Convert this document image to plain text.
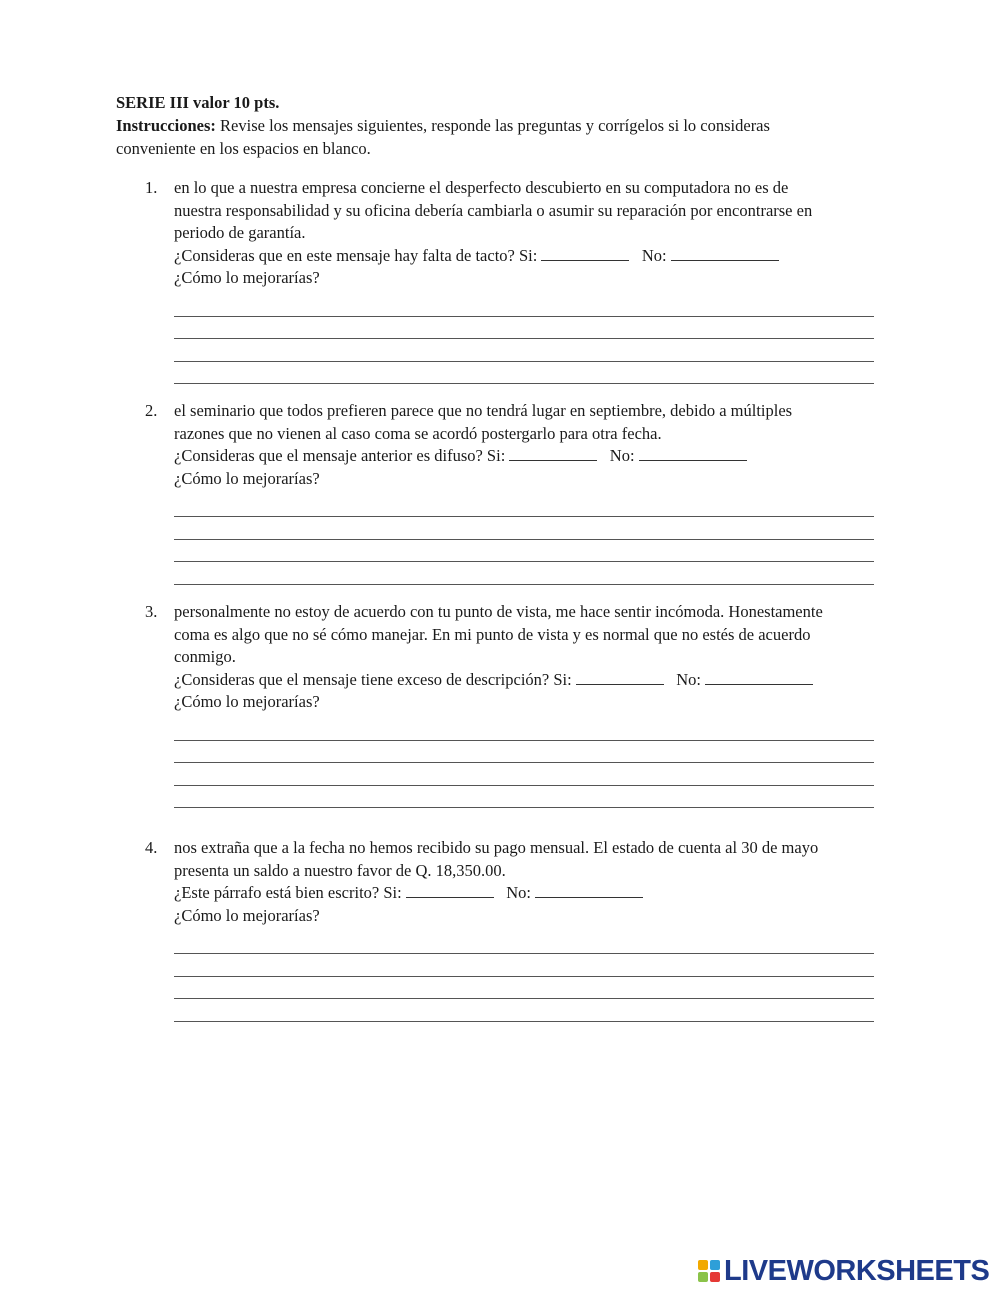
SERIE III valor 10 pts.
Instrucciones: Revise los mensajes siguientes, responde las preguntas y corrígelos si lo consideras
conveniente en los espacios en blanco.
1. en lo que a nuestra empresa concierne el desperfecto descubierto en su computadora no es de
nuestra responsabilidad y su oficina debería cambiarla o asumir su reparación por encontrarse en
periodo de garantía.
¿Consideras que en este mensaje hay falta de tacto? Si:	No:
¿Cómo lo mejorarías?
2. el seminario que todos prefieren parece que no tendrá lugar en septiembre, debido a múltiples
razones que no vienen al caso coma se acordó postergarlo para otra fecha.
¿Consideras que el mensaje anterior es difuso? Si:	No:
¿Cómo lo mejorarías?
3. personalmente no estoy de acuerdo con tu punto de vista, me hace sentir incómoda. Honestamente
coma es algo que no sé cómo manejar. En mi punto de vista y es normal que no estés de acuerdo
conmigo.
¿Consideras que el mensaje tiene exceso de descripción? Si:	No:
¿Cómo lo mejorarías?
4. nos extraña que a la fecha no hemos recibido su pago mensual. El estado de cuenta al 30 de mayo
presenta un saldo a nuestro favor de Q. 18,350.00.
¿Este párrafo está bien escrito? Si:	No:
¿Cómo lo mejorarías?
LIVEWORKSHEETS
